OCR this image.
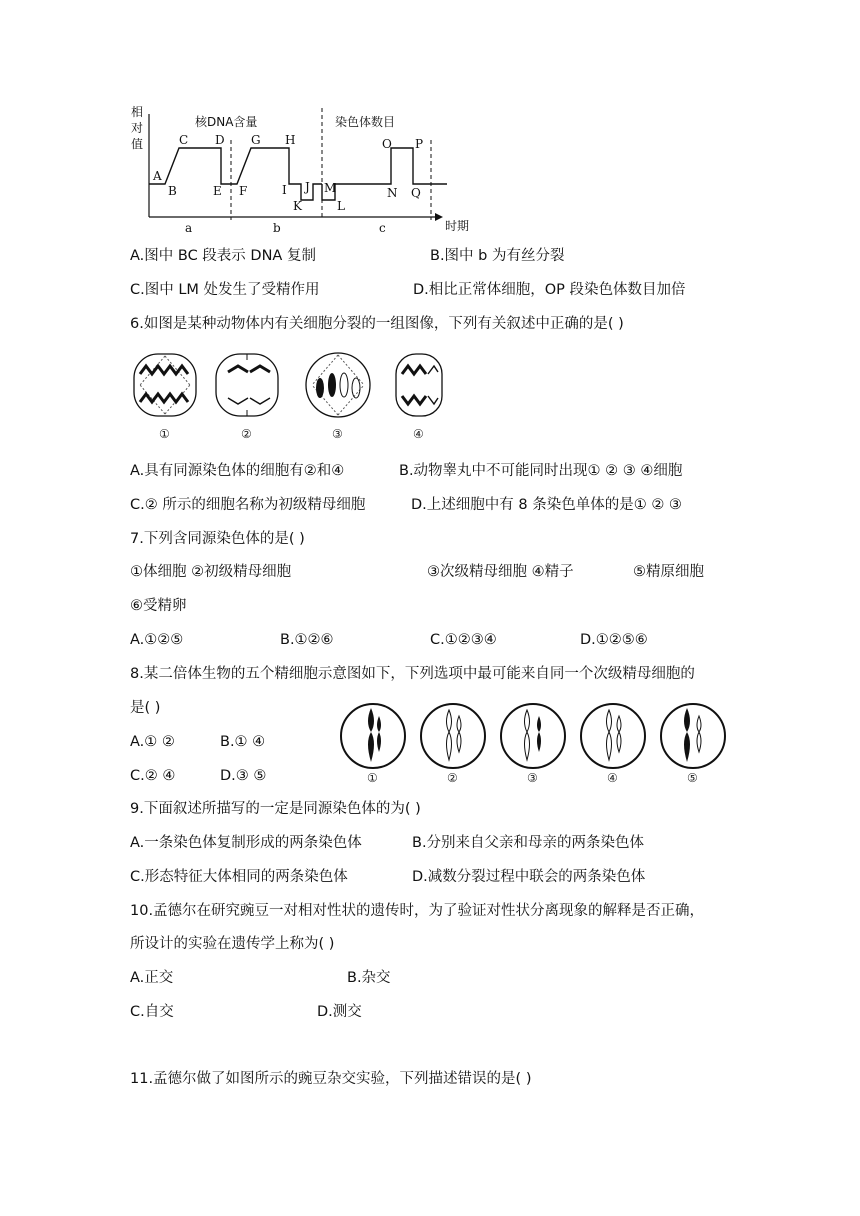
相
对
值
时期
核DNA含量	染色体数目
A
B
C D
E F
G H
I J
K	L
M	N
O P
Q
a	b	c
A.图中 BC 段表示 DNA 复制	B.图中 b 为有丝分裂
C.图中 LM 处发生了受精作用	D.相比正常体细胞，OP 段染色体数目加倍
6.如图是某种动物体内有关细胞分裂的一组图像，下列有关叙述中正确的是( )
①	②	③	④
A.具有同源染色体的细胞有②和④	B.动物睾丸中不可能同时出现① ② ③ ④细胞
C.② 所示的细胞名称为初级精母细胞	D.上述细胞中有 8 条染色单体的是① ② ③
7.下列含同源染色体的是( )
①体细胞 ②初级精母细胞	③次级精母细胞 ④精子	⑤精原细胞
⑥受精卵
A.①②⑤	B.①②⑥	C.①②③④	D.①②⑤⑥
8.某二倍体生物的五个精细胞示意图如下，下列选项中最可能来自同一个次级精母细胞的
是( )
A.① ②	B.① ④
C.② ④	D.③ ⑤	①	②	③	④	⑤
9.下面叙述所描写的一定是同源染色体的为( )
A.一条染色体复制形成的两条染色体	B.分别来自父亲和母亲的两条染色体
C.形态特征大体相同的两条染色体	D.减数分裂过程中联会的两条染色体
10.孟德尔在研究豌豆一对相对性状的遗传时，为了验证对性状分离现象的解释是否正确，
所设计的实验在遗传学上称为( )
A.正交	B.杂交
C.自交	D.测交
11.孟德尔做了如图所示的豌豆杂交实验，下列描述错误的是( )
